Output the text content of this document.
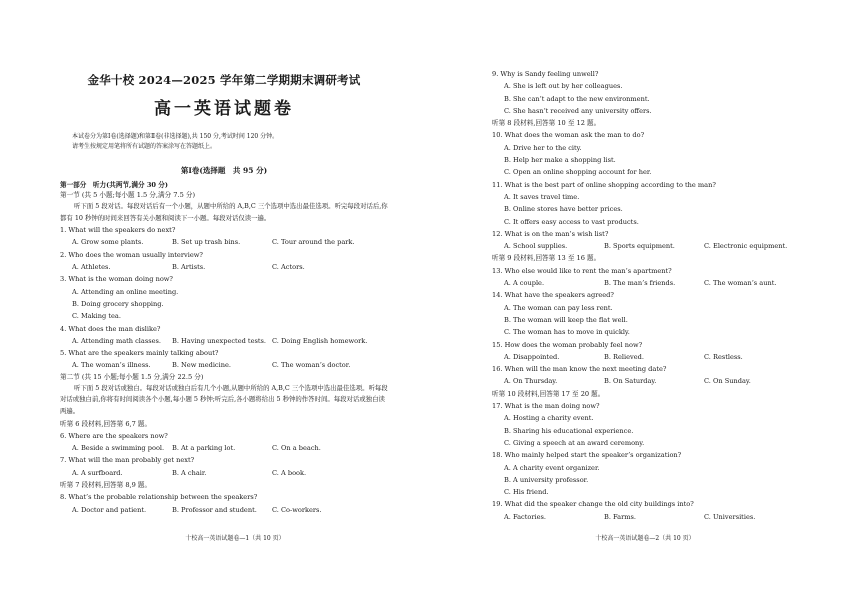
金华十校 2024—2025 学年第二学期期末调研考试
高一英语试题卷
本试卷分为第Ⅰ卷(选择题)和第Ⅱ卷(非选择题),共 150 分,考试时间 120 分钟。
请考生按规定用笔将所有试题的答案涂写在答题纸上。
第Ⅰ卷(选择题　共 95 分)
第一部分　听力(共两节,满分 30 分)
第一节 (共 5 小题;每小题 1.5 分,满分 7.5 分)
听下面 5 段对话。每段对话后有一个小题，从题中所给的 A,B,C 三个选项中选出最佳选项。听完每段对话后,你都有 10 秒钟的时间来回答有关小题和阅读下一小题。每段对话仅读一遍。
1. What will the speakers do next?
A. Grow some plants.	B. Set up trash bins.	C. Tour around the park.
2. Who does the woman usually interview?
A. Athletes.	B. Artists.	C. Actors.
3. What is the woman doing now?
A. Attending an online meeting.
B. Doing grocery shopping.
C. Making tea.
4. What does the man dislike?
A. Attending math classes.	B. Having unexpected tests. C. Doing English homework.
5. What are the speakers mainly talking about?
A. The woman’s illness.	B. New medicine.	C. The woman’s doctor.
第二节 (共 15 小题;每小题 1.5 分,满分 22.5 分)
听下面 5 段对话或独白。每段对话或独白后有几个小题,从题中所给的 A,B,C 三个选项中选出最佳选项。听每段对话或独白前,你将有时间阅读各个小题,每小题 5 秒钟;听完后,各小题将给出 5 秒钟的作答时间。每段对话或独白读两遍。
听第 6 段材料,回答第 6,7 题。
6. Where are the speakers now?
A. Beside a swimming pool.	B. At a parking lot.	C. On a beach.
7. What will the man probably get next?
A. A surfboard.	B. A chair.	C. A book.
听第 7 段材料,回答第 8,9 题。
8. What’s the probable relationship between the speakers?
A. Doctor and patient.	B. Professor and student.	C. Co-workers.
十校高一英语试题卷—1（共 10 页）
9. Why is Sandy feeling unwell?
A. She is left out by her colleagues.
B. She can’t adapt to the new environment.
C. She hasn’t received any university offers.
听第 8 段材料,回答第 10 至 12 题。
10. What does the woman ask the man to do?
A. Drive her to the city.
B. Help her make a shopping list.
C. Open an online shopping account for her.
11. What is the best part of online shopping according to the man?
A. It saves travel time.
B. Online stores have better prices.
C. It offers easy access to vast products.
12. What is on the man’s wish list?
A. School supplies.	B. Sports equipment.	C. Electronic equipment.
听第 9 段材料,回答第 13 至 16 题。
13. Who else would like to rent the man’s apartment?
A. A couple.	B. The man’s friends.	C. The woman’s aunt.
14. What have the speakers agreed?
A. The woman can pay less rent.
B. The woman will keep the flat well.
C. The woman has to move in quickly.
15. How does the woman probably feel now?
A. Disappointed.	B. Relieved.	C. Restless.
16. When will the man know the next meeting date?
A. On Thursday.	B. On Saturday.	C. On Sunday.
听第 10 段材料,回答第 17 至 20 题。
17. What is the man doing now?
A. Hosting a charity event.
B. Sharing his educational experience.
C. Giving a speech at an award ceremony.
18. Who mainly helped start the speaker’s organization?
A. A charity event organizer.
B. A university professor.
C. His friend.
19. What did the speaker change the old city buildings into?
A. Factories.	B. Farms.	C. Universities.
十校高一英语试题卷—2（共 10 页）
